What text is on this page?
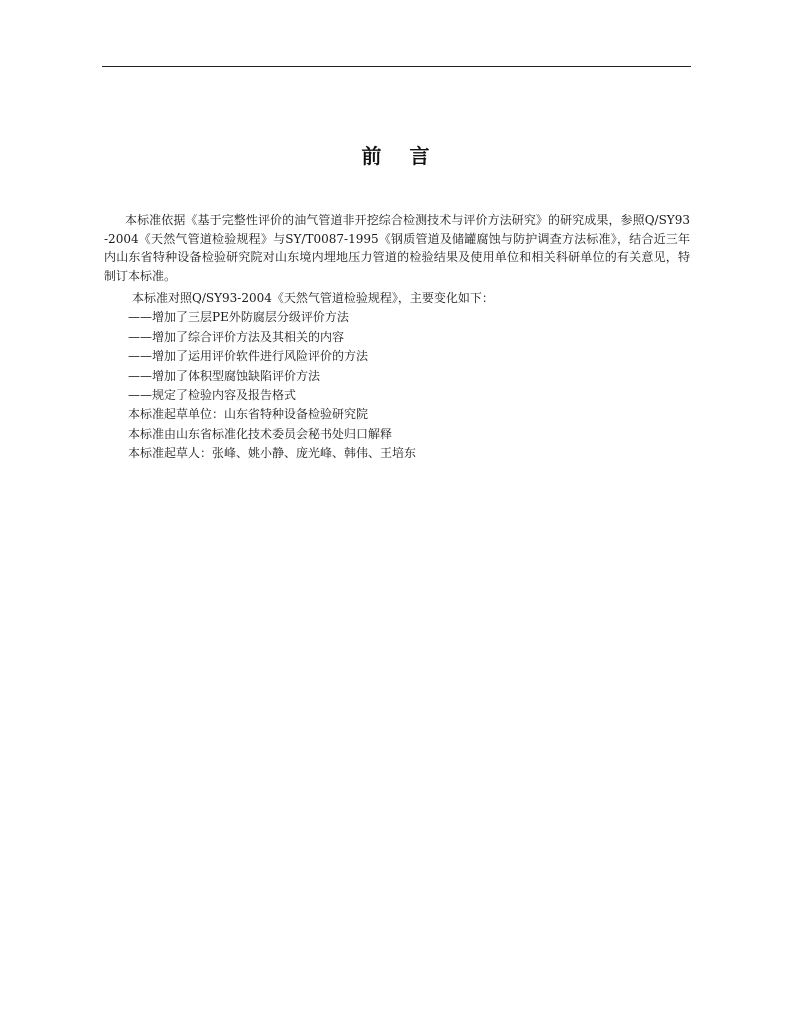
前言

本标准依据《基于完整性评价的油气管道非开挖综合检测技术与评价方法研究》的研究成果，参照Q/SY93-2004《天然气管道检验规程》与SY/T0087-1995《钢质管道及储罐腐蚀与防护调查方法标准》，结合近三年内山东省特种设备检验研究院对山东境内埋地压力管道的检验结果及使用单位和相关科研单位的有关意见，特制订本标准。

本标准对照Q/SY93-2004《天然气管道检验规程》，主要变化如下：
——增加了三层PE外防腐层分级评价方法
——增加了综合评价方法及其相关的内容
——增加了运用评价软件进行风险评价的方法
——增加了体积型腐蚀缺陷评价方法
——规定了检验内容及报告格式
本标准起草单位：山东省特种设备检验研究院
本标准由山东省标准化技术委员会秘书处归口解释
本标准起草人：张峰、姚小静、庞光峰、韩伟、王培东
